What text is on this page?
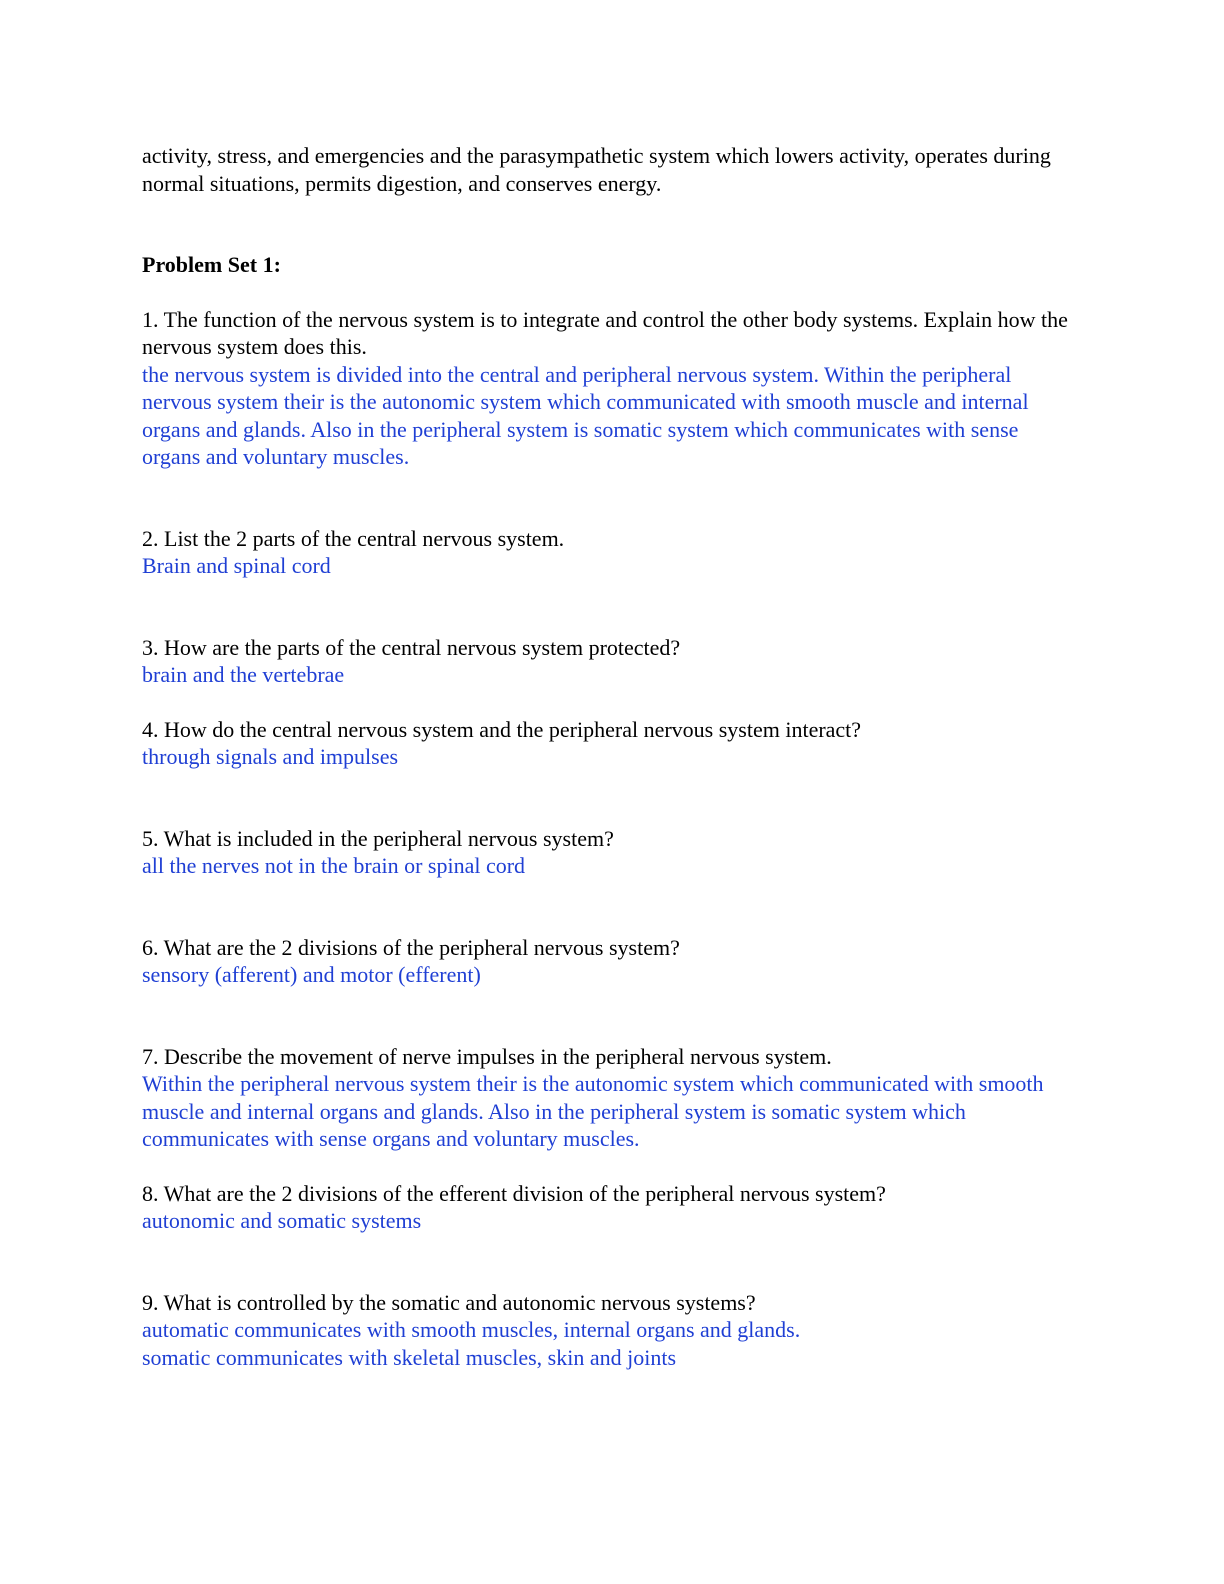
activity, stress, and emergencies and the parasympathetic system which lowers activity, operates during normal situations, permits digestion, and conserves energy.

Problem Set 1:

1. The function of the nervous system is to integrate and control the other body systems. Explain how the nervous system does this.

the nervous system is divided into the central and peripheral nervous system. Within the peripheral nervous system their is the autonomic system which communicated with smooth muscle and internal organs and glands. Also in the peripheral system is somatic system which communicates with sense organs and voluntary muscles.

2. List the 2 parts of the central nervous system.

Brain and spinal cord

3. How are the parts of the central nervous system protected?

brain and the vertebrae

4. How do the central nervous system and the peripheral nervous system interact?

through signals and impulses

5. What is included in the peripheral nervous system?

all the nerves not in the brain or spinal cord

6. What are the 2 divisions of the peripheral nervous system?

sensory (afferent) and motor (efferent)

7. Describe the movement of nerve impulses in the peripheral nervous system.

Within the peripheral nervous system their is the autonomic system which communicated with smooth muscle and internal organs and glands. Also in the peripheral system is somatic system which communicates with sense organs and voluntary muscles.

8. What are the 2 divisions of the efferent division of the peripheral nervous system?

autonomic and somatic systems

9. What is controlled by the somatic and autonomic nervous systems?

automatic communicates with smooth muscles, internal organs and glands.

somatic communicates with skeletal muscles, skin and joints
